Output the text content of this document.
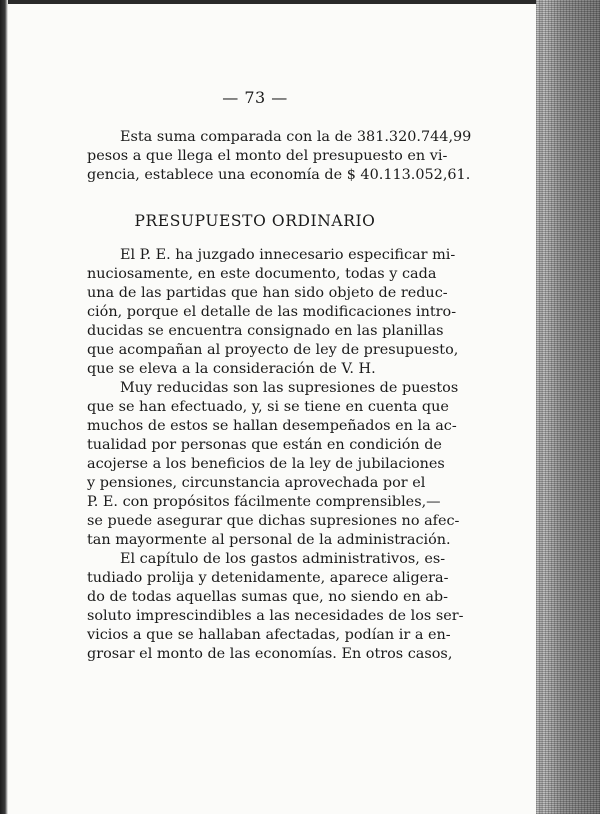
— 73 —
Esta suma comparada con la de 381.320.744,99
pesos a que llega el monto del presupuesto en vi-
gencia, establece una economía de $ 40.113.052,61.
PRESUPUESTO ORDINARIO
El P. E. ha juzgado innecesario especificar mi-
nuciosamente, en este documento, todas y cada
una de las partidas que han sido objeto de reduc-
ción, porque el detalle de las modificaciones intro-
ducidas se encuentra consignado en las planillas
que acompañan al proyecto de ley de presupuesto,
que se eleva a la consideración de V. H.
Muy reducidas son las supresiones de puestos
que se han efectuado, y, si se tiene en cuenta que
muchos de estos se hallan desempeñados en la ac-
tualidad por personas que están en condición de
acojerse a los beneficios de la ley de jubilaciones
y pensiones, circunstancia aprovechada por el
P. E. con propósitos fácilmente comprensibles,—
se puede asegurar que dichas supresiones no afec-
tan mayormente al personal de la administración.
El capítulo de los gastos administrativos, es-
tudiado prolija y detenidamente, aparece aligera-
do de todas aquellas sumas que, no siendo en ab-
soluto imprescindibles a las necesidades de los ser-
vicios a que se hallaban afectadas, podían ir a en-
grosar el monto de las economías. En otros casos,
